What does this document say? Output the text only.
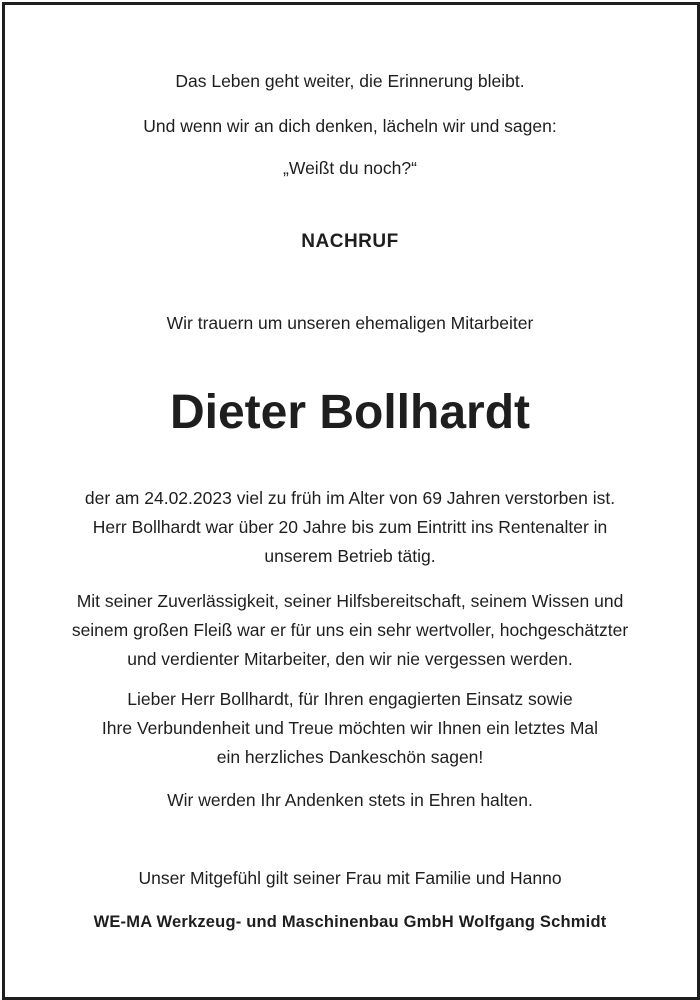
Das Leben geht weiter, die Erinnerung bleibt.
Und wenn wir an dich denken, lächeln wir und sagen:
„Weißt du noch?“
NACHRUF
Wir trauern um unseren ehemaligen Mitarbeiter
Dieter Bollhardt
der am 24.02.2023 viel zu früh im Alter von 69 Jahren verstorben ist.
Herr Bollhardt war über 20 Jahre bis zum Eintritt ins Rentenalter in
unserem Betrieb tätig.
Mit seiner Zuverlässigkeit, seiner Hilfsbereitschaft, seinem Wissen und
seinem großen Fleiß war er für uns ein sehr wertvoller, hochgeschätzter
und verdienter Mitarbeiter, den wir nie vergessen werden.
Lieber Herr Bollhardt, für Ihren engagierten Einsatz sowie
Ihre Verbundenheit und Treue möchten wir Ihnen ein letztes Mal
ein herzliches Dankeschön sagen!
Wir werden Ihr Andenken stets in Ehren halten.
Unser Mitgefühl gilt seiner Frau mit Familie und Hanno
WE-MA Werkzeug- und Maschinenbau GmbH Wolfgang Schmidt
